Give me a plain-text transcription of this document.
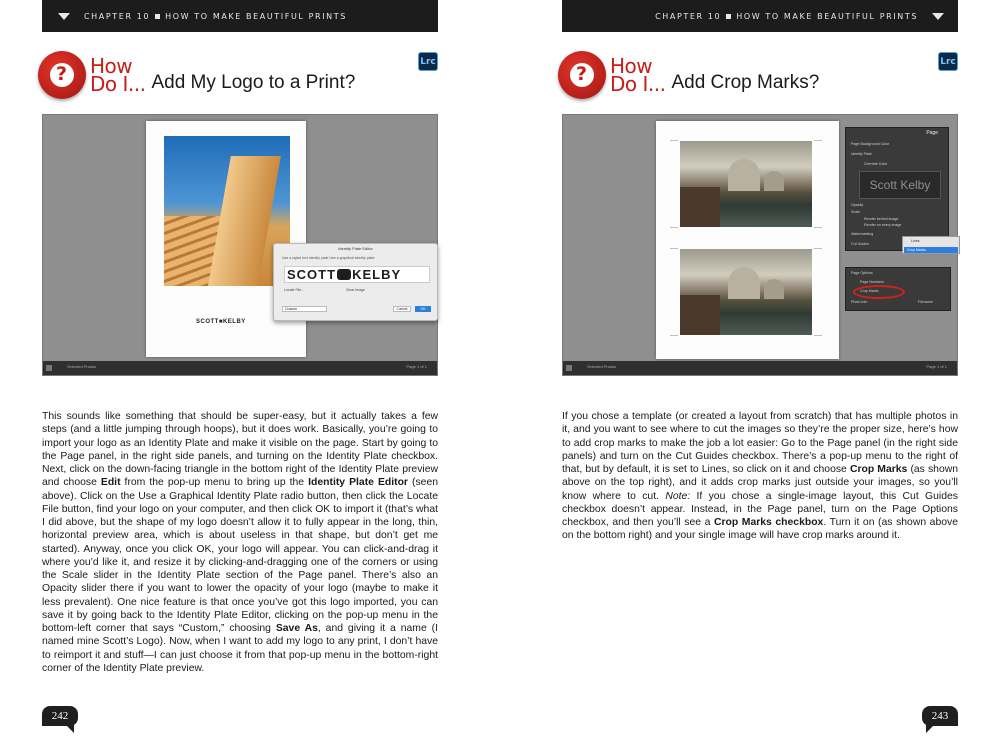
CHAPTER 10 HOW TO MAKE BEAUTIFUL PRINTS
?
How
Do I... Add My Logo to a Print?
Lrc
SCOTT■KELBY
Identity Plate Editor
Use a styled text identity plate Use a graphical identity plate
SCOTT KELBY
Locate File...	Clear Image
Custom	Cancel	OK
Selected Photos	Page 1 of 1
This sounds like something that should be super-easy, but it actually takes a few steps (and a little jumping through hoops), but it does work. Basically, you’re going to import your logo as an Identity Plate and make it visible on the page. Start by going to the Page panel, in the right side panels, and turning on the Identity Plate checkbox. Next, click on the down-facing triangle in the bottom right of the Identity Plate preview and choose Edit from the pop-up menu to bring up the Identity Plate Editor (seen above). Click on the Use a Graphical Identity Plate radio button, then click the Locate File button, find your logo on your computer, and then click OK to import it (that’s what I did above, but the shape of my logo doesn’t allow it to fully appear in the long, thin, horizontal preview area, which is about useless in that shape, but don’t get me started). Anyway, once you click OK, your logo will appear. You can click-and-drag it where you’d like it, and resize it by clicking-and-dragging one of the corners or using the Scale slider in the Identity Plate section of the Page panel. There’s also an Opacity slider there if you want to lower the opacity of your logo (maybe to make it less prevalent). One nice feature is that once you’ve got this logo imported, you can save it by going back to the Identity Plate Editor, clicking on the pop-up menu in the bottom-left corner that says “Custom,” choosing Save As, and giving it a name (I named mine Scott’s Logo). Now, when I want to add my logo to any print, I don’t have to reimport it and stuff—I can just choose it from that pop-up menu in the bottom-right corner of the Identity Plate preview.
242
CHAPTER 10 HOW TO MAKE BEAUTIFUL PRINTS
?
How
Do I... Add Crop Marks?
Lrc
Page
Page Background Color
Identity Plate
Override Color
Scott Kelby
Opacity
Scale
Render behind image
Render on every image
Watermarking
Cut Guides
Lines
Crop Marks
Page Options
Page Numbers
Crop Marks
Photo Info	Filename
Selected Photos	Page 1 of 1
If you chose a template (or created a layout from scratch) that has multiple photos in it, and you want to see where to cut the images so they’re the proper size, here’s how to add crop marks to make the job a lot easier: Go to the Page panel (in the right side panels) and turn on the Cut Guides checkbox. There’s a pop-up menu to the right of that, but by default, it is set to Lines, so click on it and choose Crop Marks (as shown above on the top right), and it adds crop marks just outside your images, so you’ll know where to cut. Note: If you chose a single-image layout, this Cut Guides checkbox doesn’t appear. Instead, in the Page panel, turn on the Page Options checkbox, and then you’ll see a Crop Marks checkbox. Turn it on (as shown above on the bottom right) and your single image will have crop marks around it.
243
